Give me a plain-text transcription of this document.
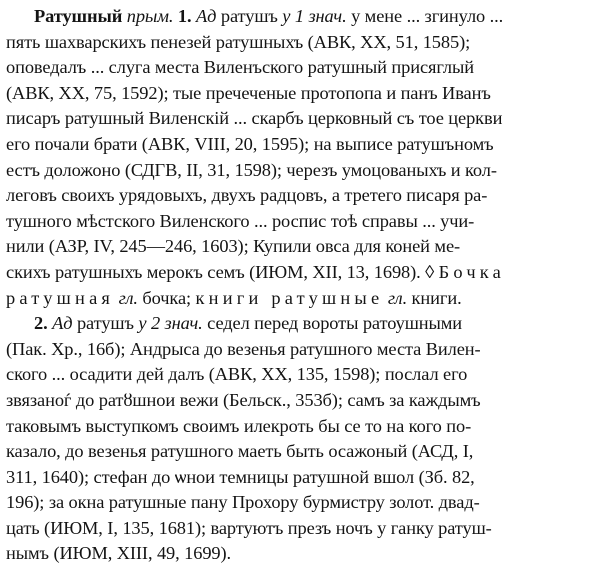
Ратушный прым. 1. Ад ратушъ у 1 знач. у мене ... згинуло ...
пять шахварскихъ пенезей ратушныхъ (АВК, XX, 51, 1585);
оповедалъ ... слуга места Виленъского ратушный присяглый
(АВК, XX, 75, 1592); тые пречеченые протопопа и панъ Иванъ
писаръ ратушный Виленскій ... скарбъ церковный съ тое церкви
его почали брати (АВК, VIII, 20, 1595); на выписе ратушъномъ
естъ доложоно (СДГВ, II, 31, 1598); черезъ умоцованыхъ и кол-
леговъ своихъ урядовыхъ, двухъ радцовъ, а третего писаря ра-
тушного мѣстского Виленского ... роспис тоѣ справы ... учи-
нили (АЗР, IV, 245—246, 1603); Купили овса для коней ме-
скихъ ратушныхъ мерокъ семъ (ИЮМ, XII, 13, 1698). ◊ Бочка
ратушная гл. бочка; книги ратушные гл. книги.
2. Ад ратушъ у 2 знач. седел перед вороты ратоушными
(Пак. Хр., 16б); Андрыса до везенья ратушного места Вилен-
ского ... осадити дей далъ (АВК, XX, 135, 1598); послал его
звязаноѓ до ратȣшнои вежи (Бельск., 353б); самъ за каждымъ
таковымъ выступкомъ своимъ илекроть бы се то на кого по-
казало, до везенья ратушного маеть быть осажоный (АСД, I,
311, 1640); стефан до ѡнои темницы ратушной вшол (Зб. 82,
196); за окна ратушные пану Прохору бурмистру золот. двад-
цать (ИЮМ, I, 135, 1681); вартуютъ презъ ночъ у ганку ратуш-
нымъ (ИЮМ, XIII, 49, 1699).
